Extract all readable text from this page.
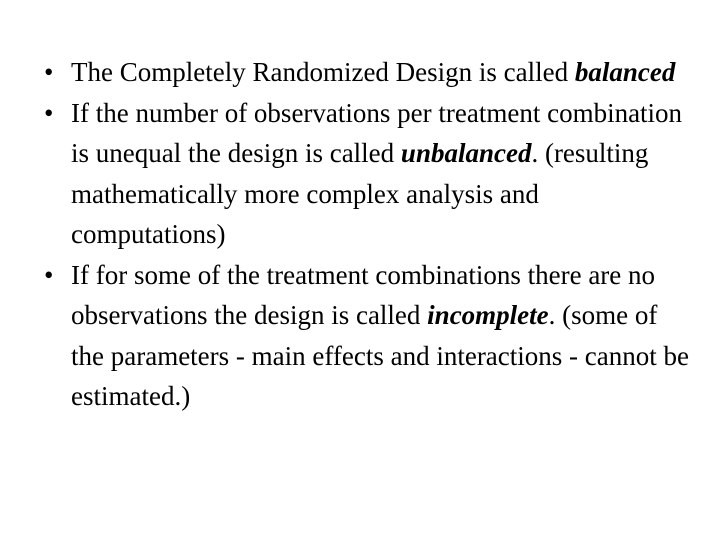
• The Completely Randomized Design is called balanced
• If the number of observations per treatment combination is unequal the design is called unbalanced. (resulting mathematically more complex analysis and computations)
• If for some of the treatment combinations there are no observations the design is called incomplete. (some of the parameters - main effects and interactions - cannot be estimated.)
